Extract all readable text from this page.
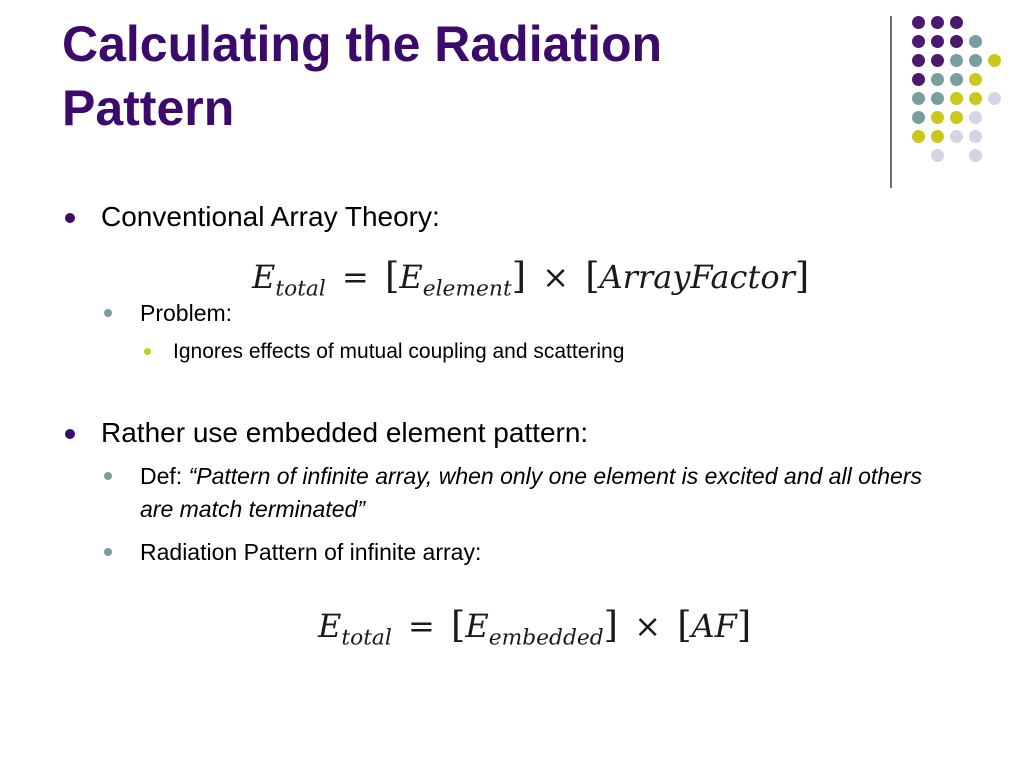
Calculating the Radiation Pattern
Conventional Array Theory:
$E_{total} = [E_{element}]$ × [ArrayFactor]
Problem:
Ignores effects of mutual coupling and scattering
Rather use embedded element pattern:
Def: “Pattern of infinite array, when only one element is excited and all others are match terminated”
Radiation Pattern of infinite array:
$E_{total} = [E_{embedded}] \times [AF]$
